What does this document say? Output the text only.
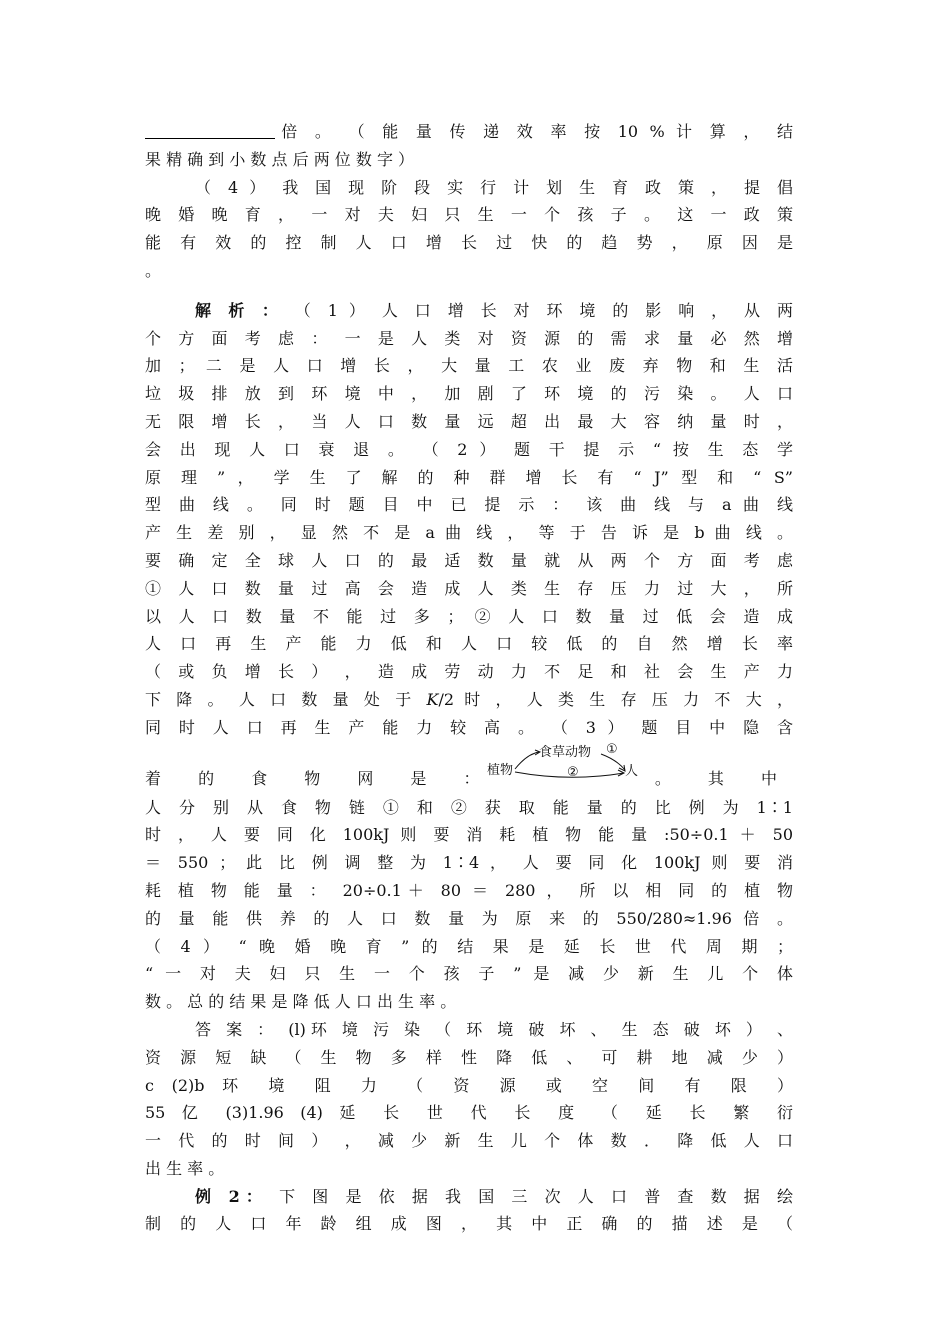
倍 。 （ 能 量 传 递 效 率 按 10 % 计 算 ， 结
果 精 确 到 小 数 点 后 两 位 数 字 ）
（ 4 ） 我 国 现 阶 段 实 行 计 划 生 育 政 策 ， 提 倡
晚 婚 晚 育 ， 一 对 夫 妇 只 生 一 个 孩 子 。 这 一 政 策
能 有 效 的 控 制 人 口 增 长 过 快 的 趋 势 ， 原 因 是
。
解 析 ： （ 1 ） 人 口 增 长 对 环 境 的 影 响 ， 从 两
个 方 面 考 虑 ： 一 是 人 类 对 资 源 的 需 求 量 必 然 增
加 ； 二 是 人 口 增 长 ， 大 量 工 农 业 废 弃 物 和 生 活
垃 圾 排 放 到 环 境 中 ， 加 剧 了 环 境 的 污 染 。 人 口
无 限 增 长 ， 当 人 口 数 量 远 超 出 最 大 容 纳 量 时 ，
会 出 现 人 口 衰 退 。 （ 2 ） 题 干 提 示 “ 按 生 态 学
原 理 ” ， 学 生 了 解 的 种 群 增 长 有 “ J” 型 和 “ S”
型 曲 线 。 同 时 题 目 中 已 提 示 ： 该 曲 线 与 a 曲 线
产 生 差 别 ， 显 然 不 是 a 曲 线 ， 等 于 告 诉 是 b 曲 线 。
要 确 定 全 球 人 口 的 最 适 数 量 就 从 两 个 方 面 考 虑
① 人 口 数 量 过 高 会 造 成 人 类 生 存 压 力 过 大 ， 所
以 人 口 数 量 不 能 过 多 ； ② 人 口 数 量 过 低 会 造 成
人 口 再 生 产 能 力 低 和 人 口 较 低 的 自 然 增 长 率
（ 或 负 增 长 ） ， 造 成 劳 动 力 不 足 和 社 会 生 产 力
下 降 。 人 口 数 量 处 于 K/2 时 ， 人 类 生 存 压 力 不 大 ，
同 时 人 口 再 生 产 能 力 较 高 。 （ 3 ） 题 目 中 隐 含
着 的 食 物 网 是 ：
植物
食草动物 ①
②	人 。 其 中
人 分 别 从 食 物 链 ① 和 ② 获 取 能 量 的 比 例 为 1∶1
时 ， 人 要 同 化 100kJ 则 要 消 耗 植 物 能 量 :50÷0.1 ＋ 50
＝ 550 ； 此 比 例 调 整 为 1∶4 ， 人 要 同 化 100kJ 则 要 消
耗 植 物 能 量 ： 20÷0.1＋ 80 ＝ 280 ， 所 以 相 同 的 植 物
的 量 能 供 养 的 人 口 数 量 为 原 来 的 550/280≈1.96 倍 。
（ 4 ） “ 晚 婚 晚 育 ” 的 结 果 是 延 长 世 代 周 期 ；
“ 一 对 夫 妇 只 生 一 个 孩 子 ” 是 减 少 新 生 儿 个 体
数 。 总 的 结 果 是 降 低 人 口 出 生 率 。
答 案 ： (l)环 境 污 染 （ 环 境 破 坏 、 生 态 破 坏 ） 、
资 源 短 缺 （ 生 物 多 样 性 降 低 、 可 耕 地 减 少 ）
c (2)b 环 境 阻 力 （ 资 源 或 空 间 有 限 ）
55 亿 (3)1.96 (4) 延 长 世 代 长 度 （ 延 长 繁 衍
一 代 的 时 间 ） ， 减 少 新 生 儿 个 体 数 ． 降 低 人 口
出 生 率 。
例 2： 下 图 是 依 据 我 国 三 次 人 口 普 查 数 据 绘
制 的 人 口 年 龄 组 成 图 ， 其 中 正 确 的 描 述 是 （
